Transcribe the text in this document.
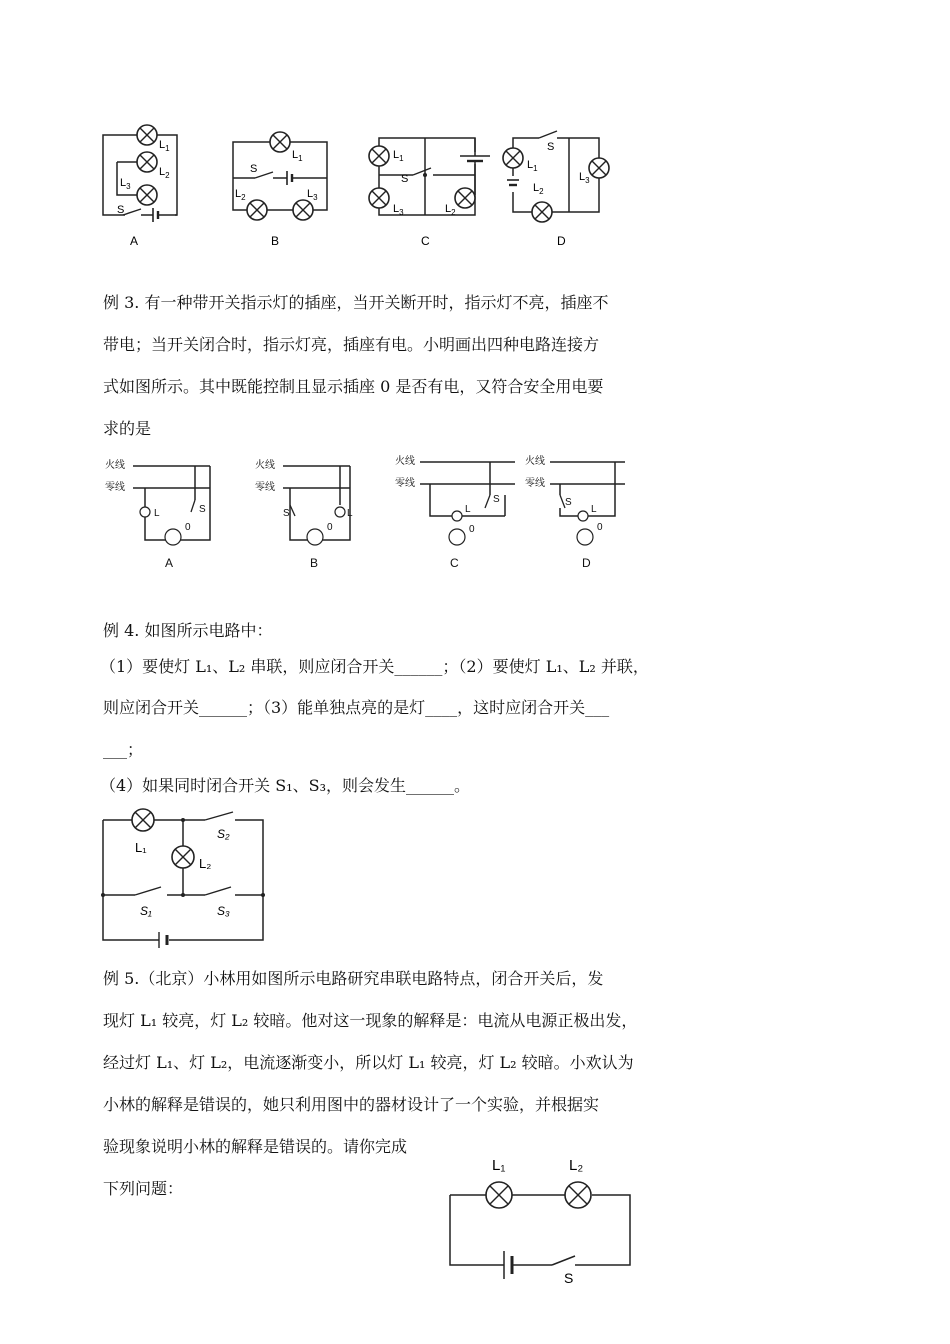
$L_1$
$L_2$
$L_3$
S
A
$L_1$
S
$L_2$	$L_3$
B
$L_1$
S
$L_3$	$L_2$
C
S
$L_1$
$L_2$
$L_3$
D
例 3. 有一种带开关指示灯的插座，当开关断开时，指示灯不亮，插座不
带电；当开关闭合时，指示灯亮，插座有电。小明画出四种电路连接方
式如图所示。其中既能控制且显示插座 0 是否有电，又符合安全用电要
求的是
火线
零线
L	S
0
A
火线
零线
L
S
0
B
火线
零线
L
S
0
C
火线
零线
L
S
0
D
例 4. 如图所示电路中：
（1）要使灯 L₁、L₂ 串联，则应闭合开关______；（2）要使灯 L₁、L₂ 并联，
则应闭合开关______；（3）能单独点亮的是灯____，这时应闭合开关___
___；
（4）如果同时闭合开关 S₁、S₃，则会发生______。
L₁
L₂
S₂
S₁	S₃
例 5.（北京）小林用如图所示电路研究串联电路特点，闭合开关后，发
现灯 L₁ 较亮，灯 L₂ 较暗。他对这一现象的解释是：电流从电源正极出发，
经过灯 L₁、灯 L₂，电流逐渐变小，所以灯 L₁ 较亮，灯 L₂ 较暗。小欢认为
小林的解释是错误的，她只利用图中的器材设计了一个实验，并根据实
验现象说明小林的解释是错误的。请你完成
下列问题：
L₁	L₂
S
